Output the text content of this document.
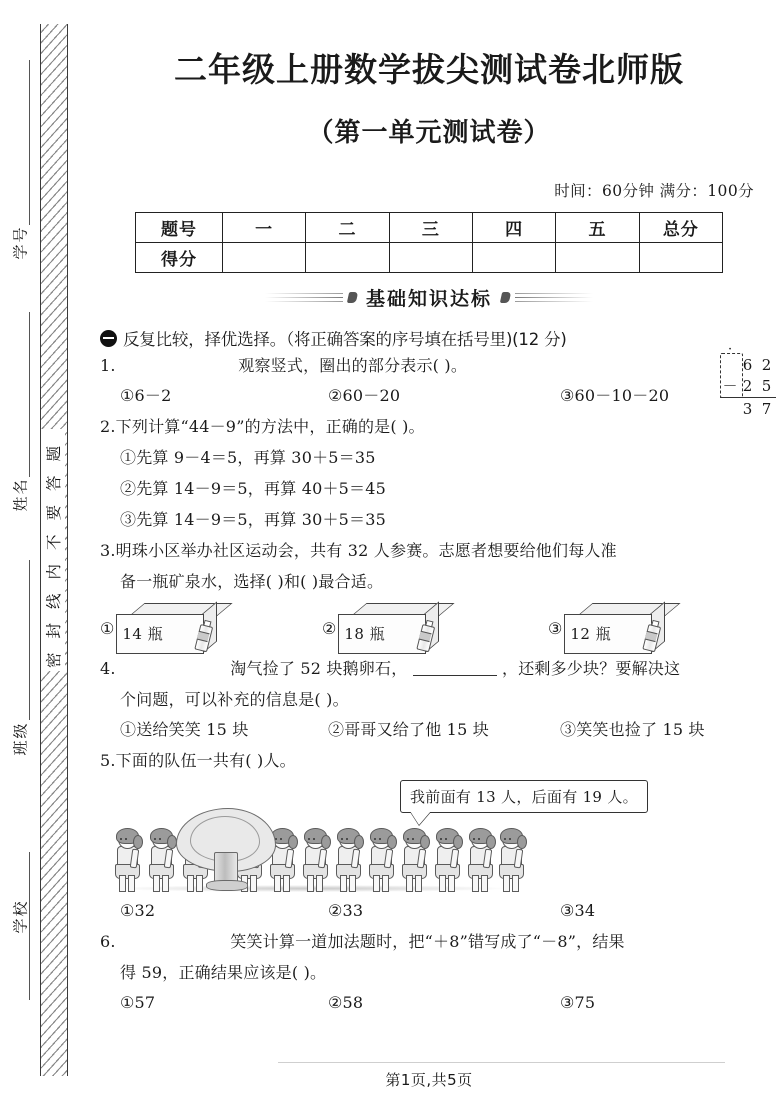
密封线内不要答题
学号
姓名
班级
学校
二年级上册数学拔尖测试卷北师版
（第一单元测试卷）
时间：60分钟 满分：100分
题号	一	二	三	四	五	总分
得分						
基础知识达标
反复比较，择优选择。（将正确答案的序号填在括号里)(12 分)
·
6 2
－ 2 5
3 7
1.	观察竖式，圈出的部分表示( )。
①6－2	②60－20	③60－10－20
2.下列计算“44－9”的方法中，正确的是( )。
①先算 9－4＝5，再算 30＋5＝35
②先算 14－9＝5，再算 40＋5＝45
③先算 14－9＝5，再算 30＋5＝35
3.明珠小区举办社区运动会，共有 32 人参赛。志愿者想要给他们每人准
备一瓶矿泉水，选择( )和( )最合适。
① 14 瓶	② 18 瓶	③ 12 瓶
4.	淘气捡了 52 块鹅卵石，	，还剩多少块？要解决这
个问题，可以补充的信息是( )。
①送给笑笑 15 块	②哥哥又给了他 15 块	③笑笑也捡了 15 块
5.下面的队伍一共有( )人。
我前面有 13 人，后面有 19 人。
①32	②33	③34
6.	笑笑计算一道加法题时，把“＋8”错写成了“－8”，结果
得 59，正确结果应该是( )。
①57	②58	③75
第1页,共5页
